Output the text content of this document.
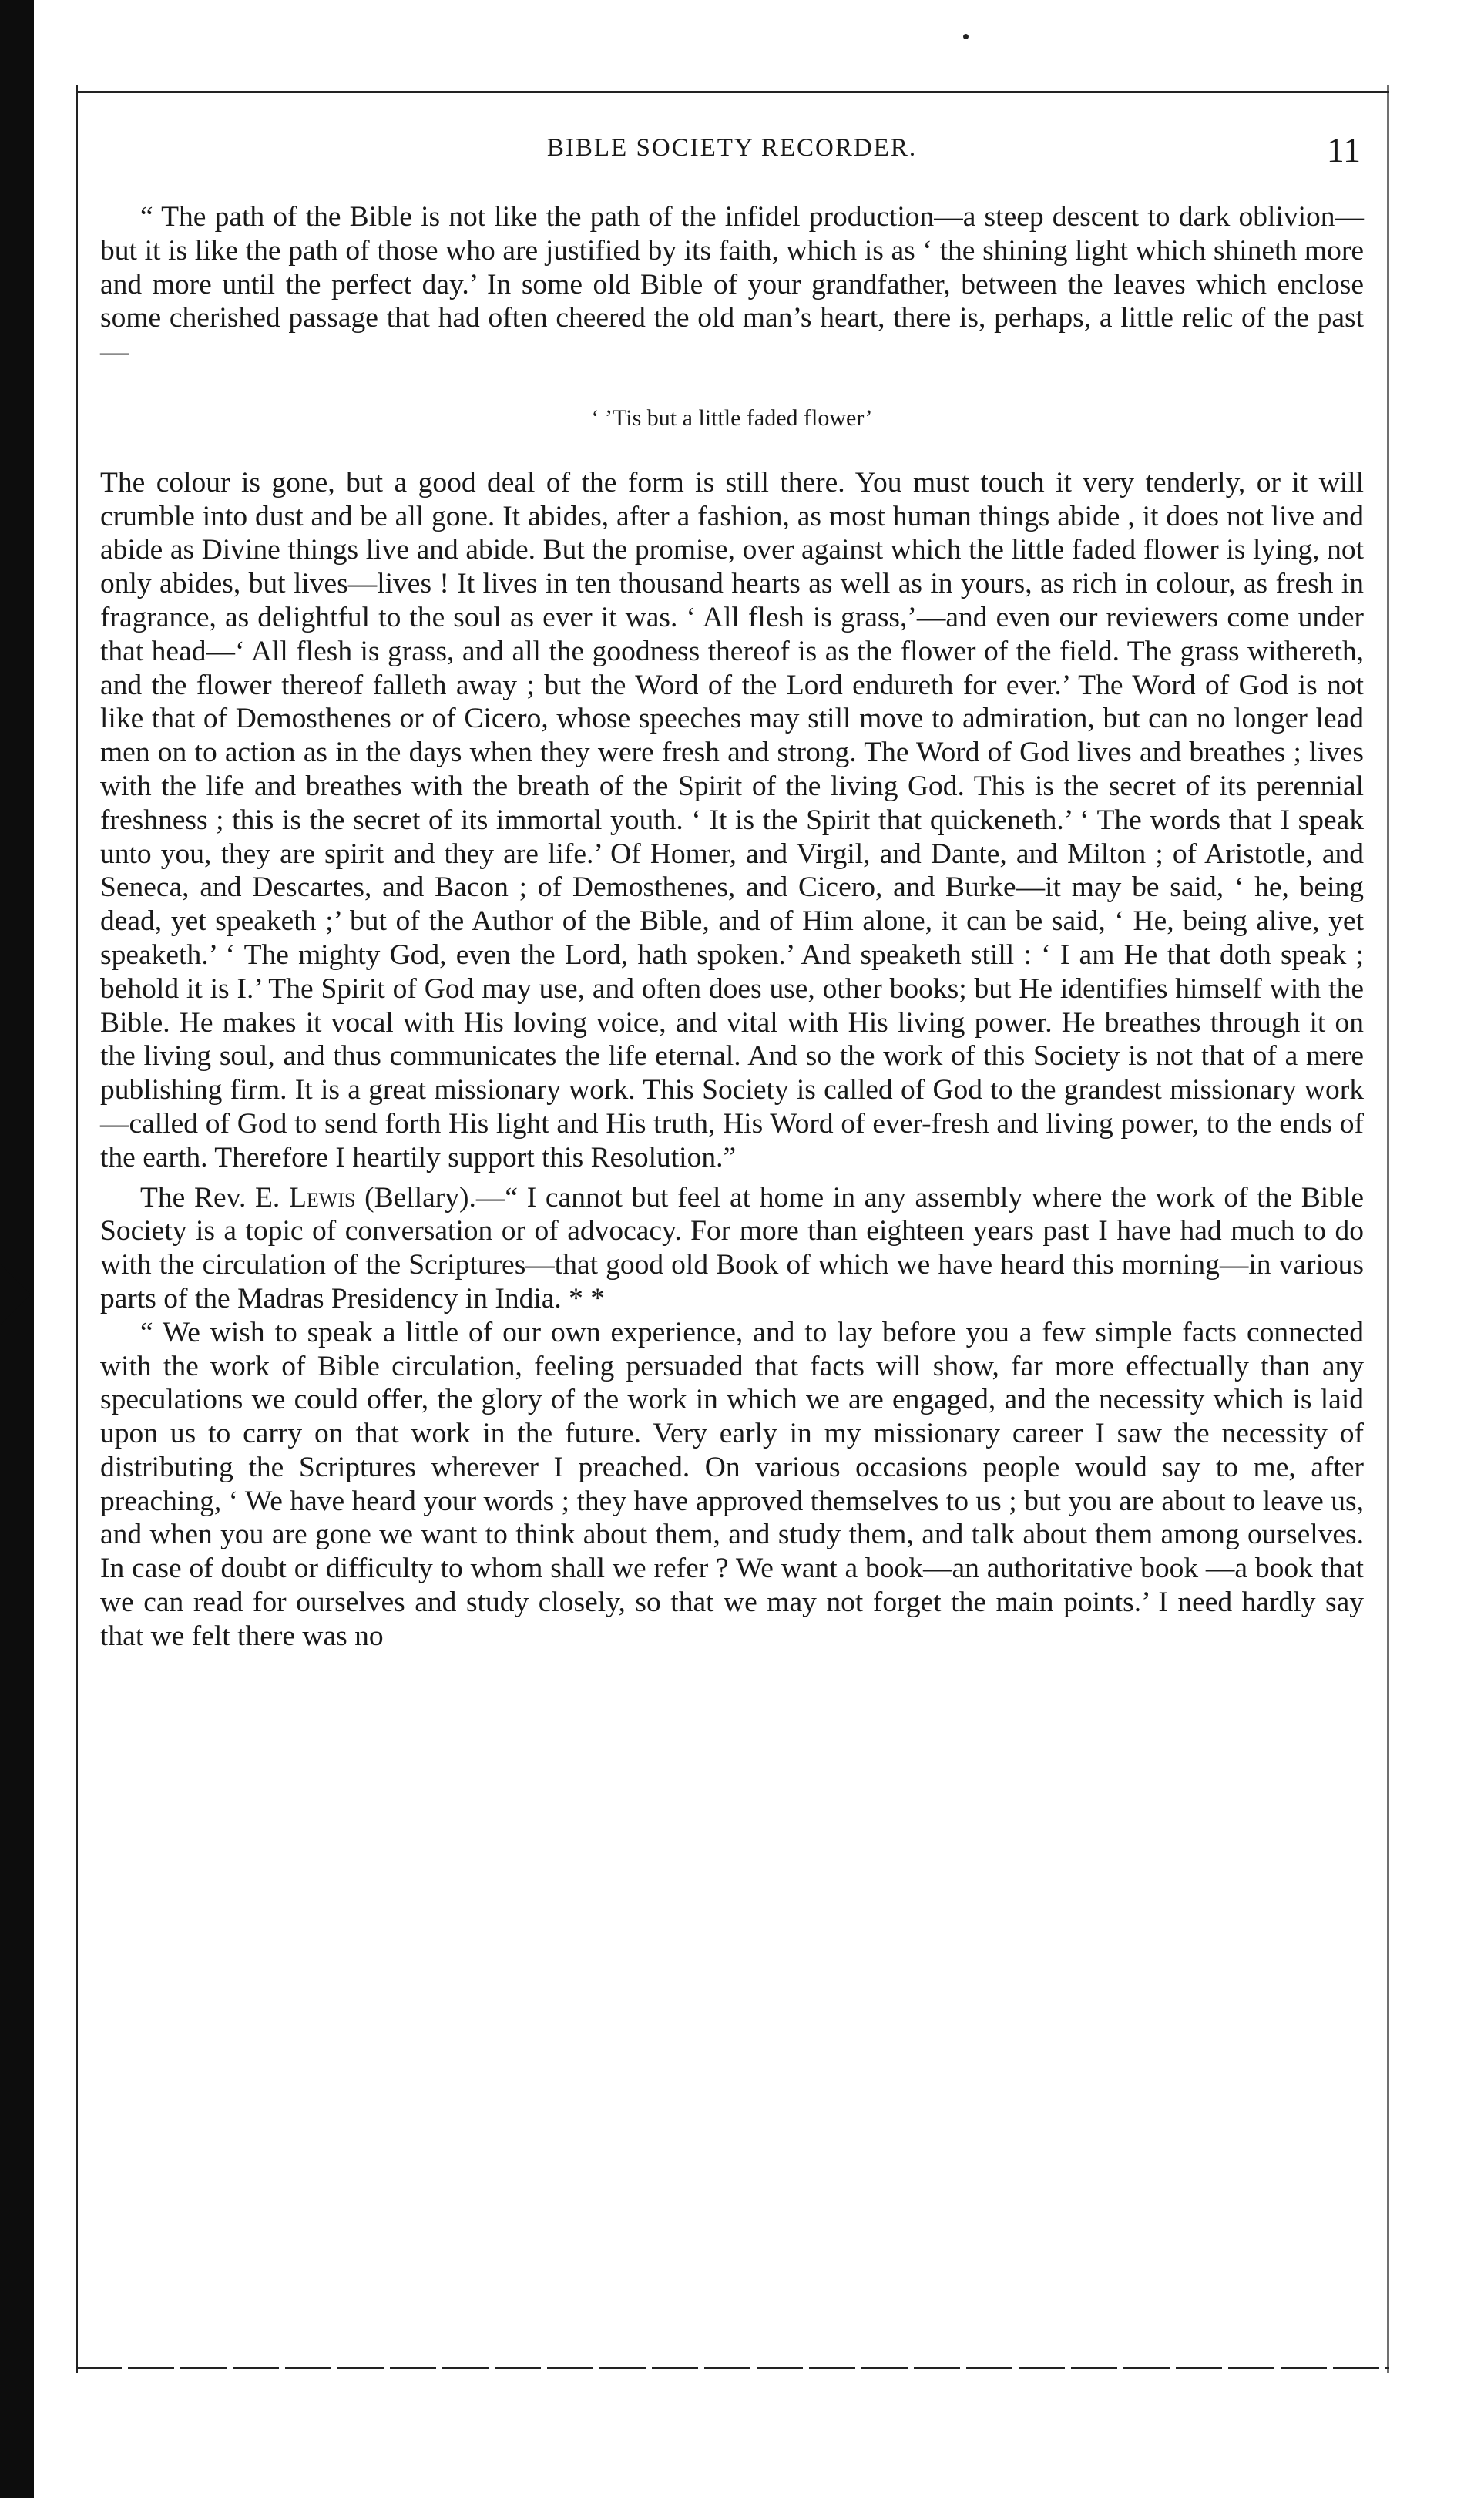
BIBLE SOCIETY RECORDER.	11

“ The path of the Bible is not like the path of the infidel production—a steep descent to dark oblivion—but it is like the path of those who are justified by its faith, which is as ‘ the shining light which shineth more and more until the perfect day.’ In some old Bible of your grandfather, between the leaves which enclose some cherished passage that had often cheered the old man’s heart, there is, perhaps, a little relic of the past—

‘ ’Tis but a little faded flower’

The colour is gone, but a good deal of the form is still there. You must touch it very tenderly, or it will crumble into dust and be all gone. It abides, after a fashion, as most human things abide , it does not live and abide as Divine things live and abide. But the promise, over against which the little faded flower is lying, not only abides, but lives—lives ! It lives in ten thousand hearts as well as in yours, as rich in colour, as fresh in fragrance, as delightful to the soul as ever it was. ‘ All flesh is grass,’—and even our reviewers come under that head—‘ All flesh is grass, and all the goodness thereof is as the flower of the field. The grass withereth, and the flower thereof falleth away ; but the Word of the Lord endureth for ever.’ The Word of God is not like that of Demosthenes or of Cicero, whose speeches may still move to admiration, but can no longer lead men on to action as in the days when they were fresh and strong. The Word of God lives and breathes ; lives with the life and breathes with the breath of the Spirit of the living God. This is the secret of its perennial freshness ; this is the secret of its immortal youth. ‘ It is the Spirit that quickeneth.’ ‘ The words that I speak unto you, they are spirit and they are life.’ Of Homer, and Virgil, and Dante, and Milton ; of Aristotle, and Seneca, and Descartes, and Bacon ; of Demosthenes, and Cicero, and Burke—it may be said, ‘ he, being dead, yet speaketh ;’ but of the Author of the Bible, and of Him alone, it can be said, ‘ He, being alive, yet speaketh.’ ‘ The mighty God, even the Lord, hath spoken.’ And speaketh still : ‘ I am He that doth speak ; behold it is I.’ The Spirit of God may use, and often does use, other books; but He identifies himself with the Bible. He makes it vocal with His loving voice, and vital with His living power. He breathes through it on the living soul, and thus communicates the life eternal. And so the work of this Society is not that of a mere publishing firm. It is a great missionary work. This Society is called of God to the grandest missionary work—called of God to send forth His light and His truth, His Word of ever-fresh and living power, to the ends of the earth. Therefore I heartily support this Resolution.”

The Rev. E. Lewis (Bellary).—“ I cannot but feel at home in any assembly where the work of the Bible Society is a topic of conversation or of advocacy. For more than eighteen years past I have had much to do with the circulation of the Scriptures—that good old Book of which we have heard this morning—in various parts of the Madras Presidency in India. * *

“ We wish to speak a little of our own experience, and to lay before you a few simple facts connected with the work of Bible circulation, feeling persuaded that facts will show, far more effectually than any speculations we could offer, the glory of the work in which we are engaged, and the necessity which is laid upon us to carry on that work in the future. Very early in my missionary career I saw the necessity of distributing the Scriptures wherever I preached. On various occasions people would say to me, after preaching, ‘ We have heard your words ; they have approved themselves to us ; but you are about to leave us, and when you are gone we want to think about them, and study them, and talk about them among ourselves. In case of doubt or difficulty to whom shall we refer ? We want a book—an authoritative book —a book that we can read for ourselves and study closely, so that we may not forget the main points.’ I need hardly say that we felt there was no
